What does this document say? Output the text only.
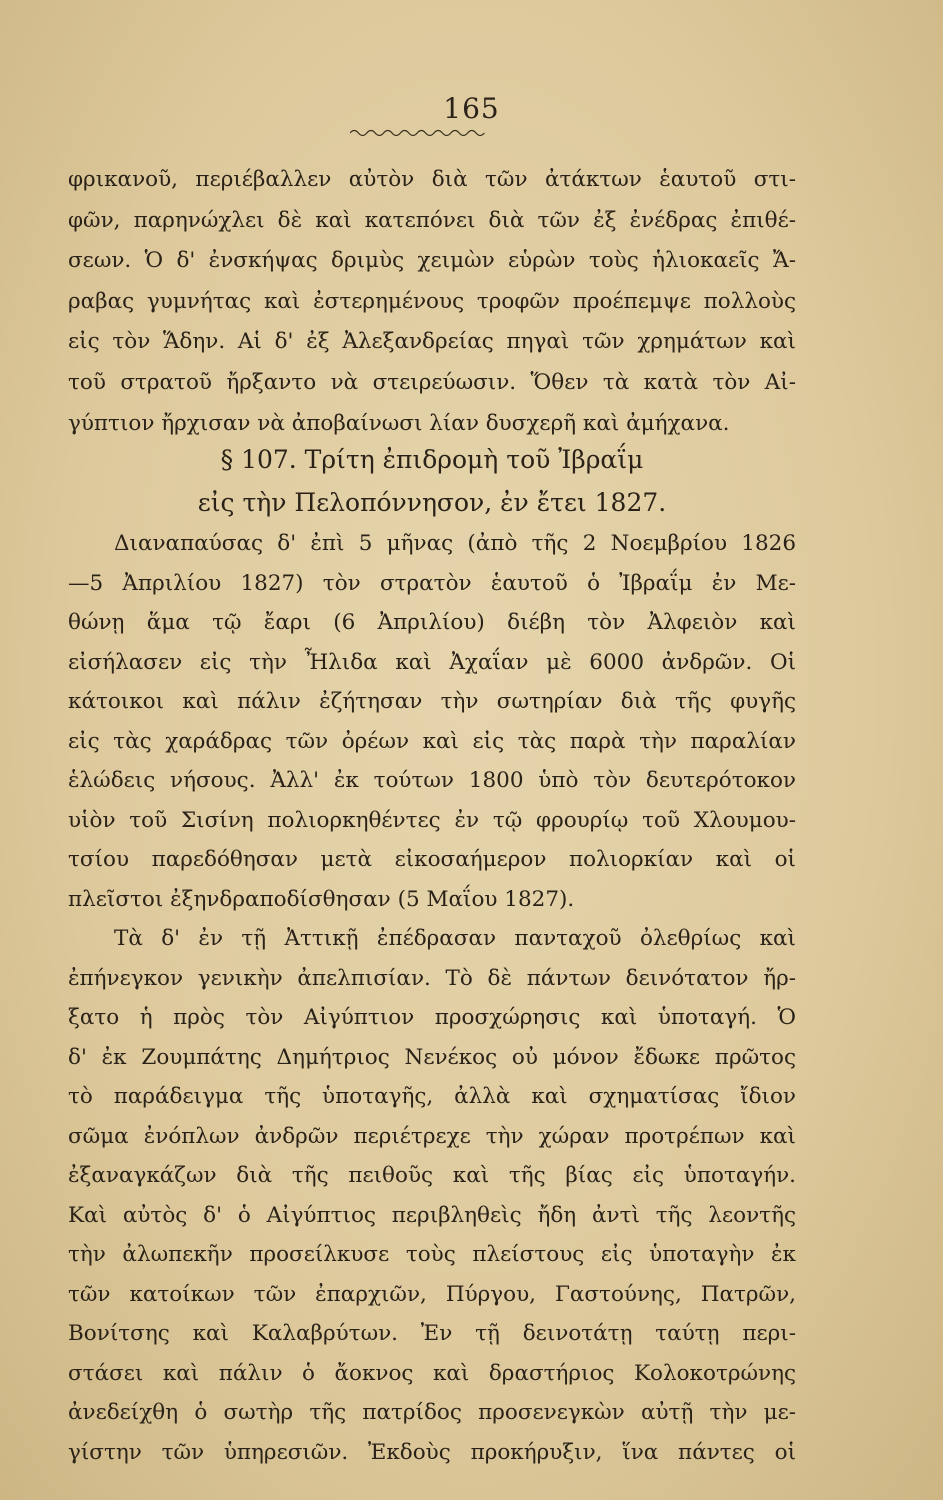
165
φρικανοῦ, περιέβαλλεν αὐτὸν διὰ τῶν ἀτάκτων ἑαυτοῦ στι-
φῶν, παρηνώχλει δὲ καὶ κατεπόνει διὰ τῶν ἐξ ἐνέδρας ἐπιθέ-
σεων. Ὁ δ' ἐνσκήψας δριμὺς χειμὼν εὑρὼν τοὺς ἡλιοκαεῖς Ἄ-
ραβας γυμνήτας καὶ ἐστερημένους τροφῶν προέπεμψε πολλοὺς
εἰς τὸν Ἅδην. Αἱ δ' ἐξ Ἀλεξανδρείας πηγαὶ τῶν χρημάτων καὶ
τοῦ στρατοῦ ἤρξαντο νὰ στειρεύωσιν. Ὅθεν τὰ κατὰ τὸν Αἰ-
γύπτιον ἤρχισαν νὰ ἀποβαίνωσι λίαν δυσχερῆ καὶ ἀμήχανα.
§ 107. Τρίτη ἐπιδρομὴ τοῦ Ἰβραΐμ
εἰς τὴν Πελοπόννησον, ἐν ἔτει 1827.
Διαναπαύσας δ' ἐπὶ 5 μῆνας (ἀπὸ τῆς 2 Νοεμβρίου 1826
—5 Ἀπριλίου 1827) τὸν στρατὸν ἑαυτοῦ ὁ Ἰβραΐμ ἐν Με-
θώνῃ ἅμα τῷ ἔαρι (6 Ἀπριλίου) διέβη τὸν Ἀλφειὸν καὶ
εἰσήλασεν εἰς τὴν Ἦλιδα καὶ Ἀχαΐαν μὲ 6000 ἀνδρῶν. Οἱ
κάτοικοι καὶ πάλιν ἐζήτησαν τὴν σωτηρίαν διὰ τῆς φυγῆς
εἰς τὰς χαράδρας τῶν ὀρέων καὶ εἰς τὰς παρὰ τὴν παραλίαν
ἑλώδεις νήσους. Ἀλλ' ἐκ τούτων 1800 ὑπὸ τὸν δευτερότοκον
υἱὸν τοῦ Σισίνη πολιορκηθέντες ἐν τῷ φρουρίῳ τοῦ Χλουμου-
τσίου παρεδόθησαν μετὰ εἰκοσαήμερον πολιορκίαν καὶ οἱ
πλεῖστοι ἐξηνδραποδίσθησαν (5 Μαΐου 1827).
Τὰ δ' ἐν τῇ Ἀττικῇ ἐπέδρασαν πανταχοῦ ὀλεθρίως καὶ
ἐπήνεγκον γενικὴν ἀπελπισίαν. Τὸ δὲ πάντων δεινότατον ἤρ-
ξατο ἡ πρὸς τὸν Αἰγύπτιον προσχώρησις καὶ ὑποταγή. Ὁ
δ' ἐκ Ζουμπάτης Δημήτριος Νενέκος οὐ μόνον ἔδωκε πρῶτος
τὸ παράδειγμα τῆς ὑποταγῆς, ἀλλὰ καὶ σχηματίσας ἴδιον
σῶμα ἐνόπλων ἀνδρῶν περιέτρεχε τὴν χώραν προτρέπων καὶ
ἐξαναγκάζων διὰ τῆς πειθοῦς καὶ τῆς βίας εἰς ὑποταγήν.
Καὶ αὐτὸς δ' ὁ Αἰγύπτιος περιβληθεὶς ἤδη ἀντὶ τῆς λεοντῆς
τὴν ἀλωπεκῆν προσείλκυσε τοὺς πλείστους εἰς ὑποταγὴν ἐκ
τῶν κατοίκων τῶν ἐπαρχιῶν, Πύργου, Γαστούνης, Πατρῶν,
Βονίτσης καὶ Καλαβρύτων. Ἐν τῇ δεινοτάτῃ ταύτῃ περι-
στάσει καὶ πάλιν ὁ ἄοκνος καὶ δραστήριος Κολοκοτρώνης
ἀνεδείχθη ὁ σωτὴρ τῆς πατρίδος προσενεγκὼν αὐτῇ τὴν με-
γίστην τῶν ὑπηρεσιῶν. Ἐκδοὺς προκήρυξιν, ἵνα πάντες οἱ
